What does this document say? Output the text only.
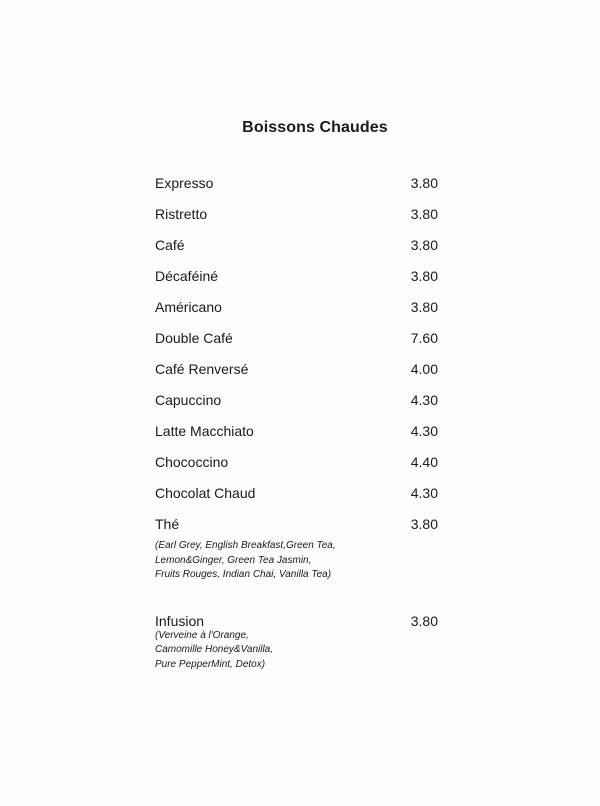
Boissons Chaudes
Expresso	3.80
Ristretto	3.80
Café	3.80
Décaféiné	3.80
Américano	3.80
Double Café	7.60
Café Renversé	4.00
Capuccino	4.30
Latte Macchiato	4.30
Chococcino	4.40
Chocolat Chaud	4.30
Thé	3.80
(Earl Grey, English Breakfast,Green Tea,
Lemon&Ginger, Green Tea Jasmin,
Fruits Rouges, Indian Chai, Vanilla Tea)
Infusion	3.80
(Verveine à l'Orange,
Camomille Honey&Vanilla,
Pure PepperMint, Detox)
